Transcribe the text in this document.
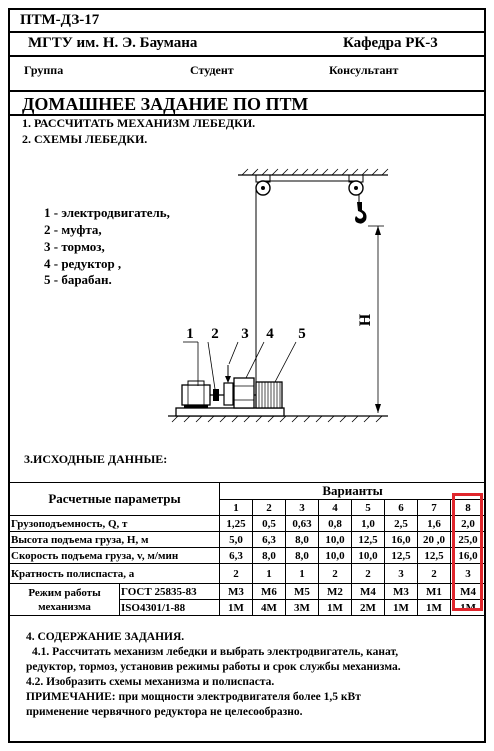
ПТМ-ДЗ-17
МГТУ им. Н. Э. Баумана	Кафедра РК-3
Группа	Студент	Консультант
ДОМАШНЕЕ ЗАДАНИЕ ПО ПТМ
1. РАССЧИТАТЬ МЕХАНИЗМ ЛЕБЕДКИ.
2. СХЕМЫ ЛЕБЕДКИ.
1 - электродвигатель,
2 - муфта,
3 - тормоз,
4 - редуктор ,
5 - барабан.
H
1 2 3 4 5
3.ИСХОДНЫЕ ДАННЫЕ:
Расчетные параметры		Варианты							
		1	2	3	4	5	6	7	8
Грузоподъемность, Q, т		1,25	0,5	0,63	0,8	1,0	2,5	1,6	2,0
Высота подъема груза, Н, м		5,0	6,3	8,0	10,0	12,5	16,0	20 ,0	25,0
Скорость подъема груза, v, м/мин		6,3	8,0	8,0	10,0	10,0	12,5	12,5	16,0
Кратность полиспаста, а		2	1	1	2	2	3	2	3

Режим работы
механизма	ГОСТ 25835-83	М3	М6	М5	М2	М4	М3	М1	М4
	ISO4301/1-88	1М	4М	3М	1М	2М	1М	1М	1М
4. СОДЕРЖАНИЕ ЗАДАНИЯ.
4.1. Рассчитать механизм лебедки и выбрать электродвигатель, канат,
редуктор, тормоз, установив режимы работы и срок службы механизма.
4.2. Изобразить схемы механизма и полиспаста.
ПРИМЕЧАНИЕ: при мощности электродвигателя более 1,5 кВт
применение червячного редуктора не целесообразно.
